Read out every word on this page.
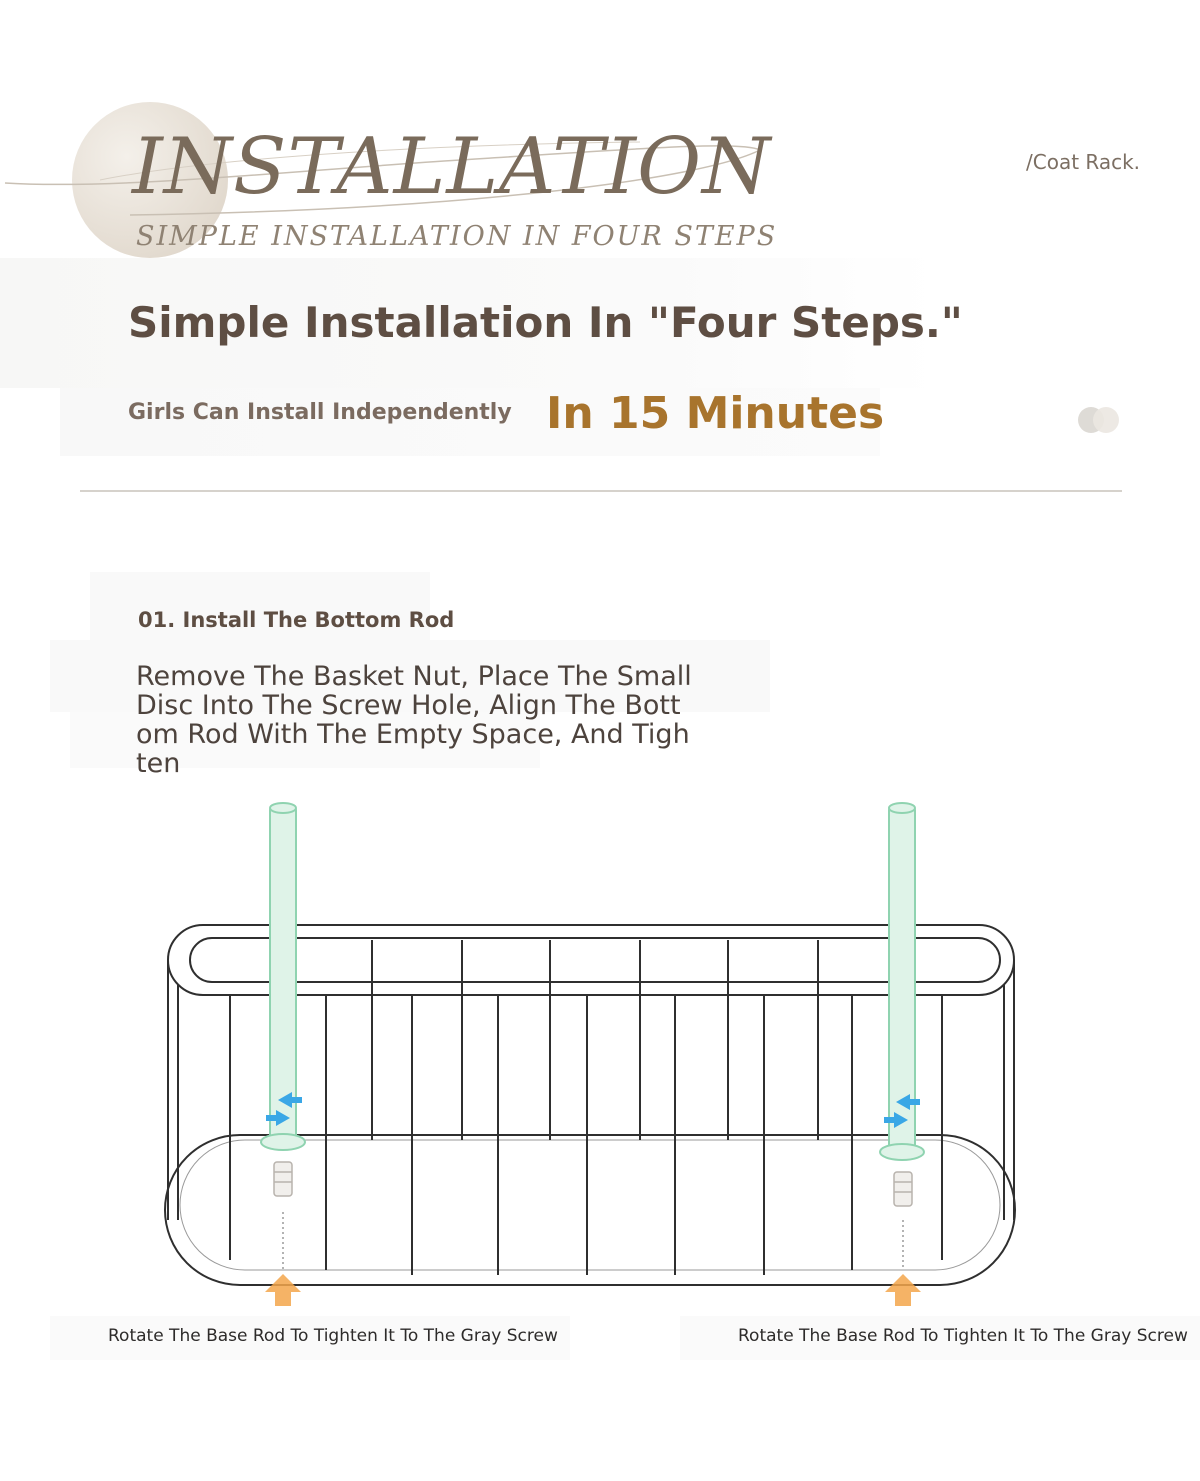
INSTALLATION
SIMPLE INSTALLATION IN FOUR STEPS
/Coat Rack.
Simple Installation In "Four Steps."
Girls Can Install Independently In 15 Minutes
01. Install The Bottom Rod
Remove The Basket Nut, Place The Small Disc Into The Screw Hole, Align The Bottom Rod With The Empty Space, And Tighten
Rotate The Base Rod To Tighten It To The Gray Screw	Rotate The Base Rod To Tighten It To The Gray Screw
